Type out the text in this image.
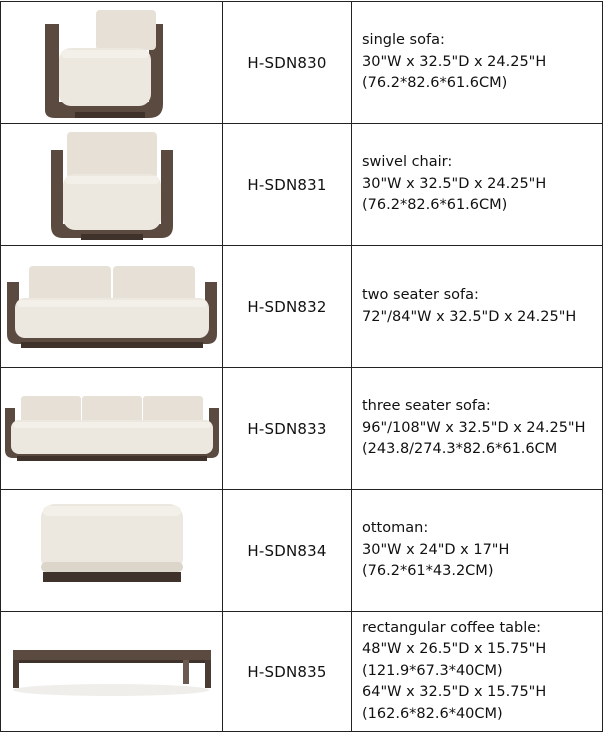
	H-SDN830	single sofa:
30"W x 32.5"D x 24.25"H
(76.2*82.6*61.6CM)

	H-SDN831	swivel chair:
30"W x 32.5"D x 24.25"H
(76.2*82.6*61.6CM)

	H-SDN832	two seater sofa:
72"/84"W x 32.5"D x 24.25"H

	H-SDN833	three seater sofa:
96"/108"W x 32.5"D x 24.25"H
(243.8/274.3*82.6*61.6CM

	H-SDN834	ottoman:
30"W x 24"D x 17"H
(76.2*61*43.2CM)

	H-SDN835	rectangular coffee table:
48"W x 26.5"D x 15.75"H
(121.9*67.3*40CM)
64"W x 32.5"D x 15.75"H
(162.6*82.6*40CM)
